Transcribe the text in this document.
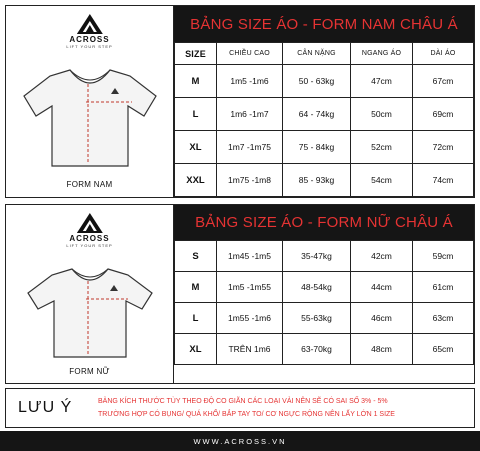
ACROSS
LIFT YOUR STEP
FORM NAM
BẢNG SIZE ÁO - FORM NAM CHÂU Á
SIZE	CHIỀU CAO	CÂN NẶNG	NGANG ÁO	DÀI ÁO
M	1m5 -1m6	50 - 63kg	47cm	67cm
L	1m6 -1m7	64 - 74kg	50cm	69cm
XL	1m7 -1m75	75 - 84kg	52cm	72cm
XXL	1m75 -1m8	85 - 93kg	54cm	74cm
ACROSS
LIFT YOUR STEP
FORM NỮ
BẢNG SIZE ÁO - FORM NỮ CHÂU Á
S	1m45 -1m5	35-47kg	42cm	59cm
M	1m5 -1m55	48-54kg	44cm	61cm
L	1m55 -1m6	55-63kg	46cm	63cm
XL	TRÊN 1m6	63-70kg	48cm	65cm
LƯU Ý	BẢNG KÍCH THƯỚC TÙY THEO ĐỘ CO GIÃN CÁC LOẠI VẢI NÊN SẼ CÓ SAI SỐ 3% - 5%
TRƯỜNG HỢP CÓ BỤNG/ QUÁ KHỔ/ BẮP TAY TO/ CƠ NGỰC RỘNG NÊN LẤY LỚN 1 SIZE
WWW.ACROSS.VN
